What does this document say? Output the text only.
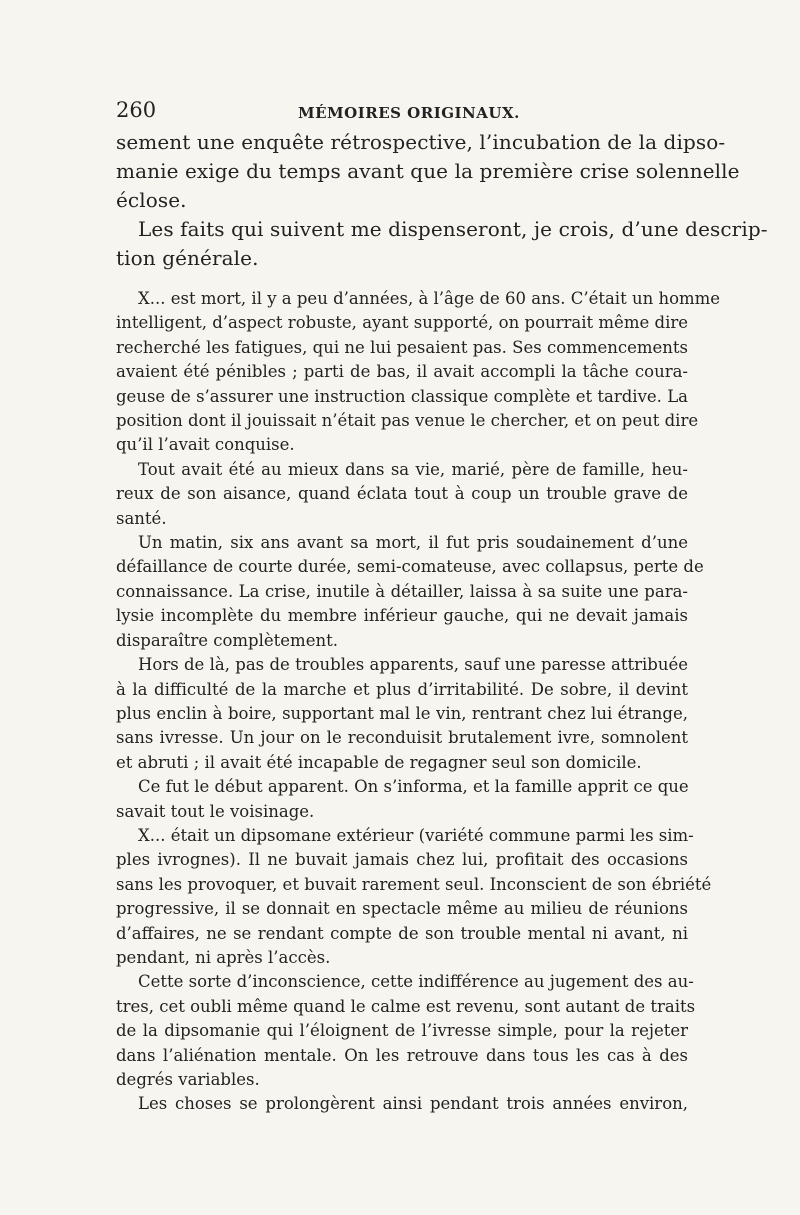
260	MÉMOIRES ORIGINAUX.
sement une enquête rétrospective, l’incubation de la dipso-
manie exige du temps avant que la première crise solennelle
éclose.
Les faits qui suivent me dispenseront, je crois, d’une descrip-
tion générale.
X... est mort, il y a peu d’années, à l’âge de 60 ans. C’était un homme
intelligent, d’aspect robuste, ayant supporté, on pourrait même dire
recherché les fatigues, qui ne lui pesaient pas. Ses commencements
avaient été pénibles ; parti de bas, il avait accompli la tâche coura-
geuse de s’assurer une instruction classique complète et tardive. La
position dont il jouissait n’était pas venue le chercher, et on peut dire
qu’il l’avait conquise.
Tout avait été au mieux dans sa vie, marié, père de famille, heu-
reux de son aisance, quand éclata tout à coup un trouble grave de
santé.
Un matin, six ans avant sa mort, il fut pris soudainement d’une
défaillance de courte durée, semi-comateuse, avec collapsus, perte de
connaissance. La crise, inutile à détailler, laissa à sa suite une para-
lysie incomplète du membre inférieur gauche, qui ne devait jamais
disparaître complètement.
Hors de là, pas de troubles apparents, sauf une paresse attribuée
à la difficulté de la marche et plus d’irritabilité. De sobre, il devint
plus enclin à boire, supportant mal le vin, rentrant chez lui étrange,
sans ivresse. Un jour on le reconduisit brutalement ivre, somnolent
et abruti ; il avait été incapable de regagner seul son domicile.
Ce fut le début apparent. On s’informa, et la famille apprit ce que
savait tout le voisinage.
X... était un dipsomane extérieur (variété commune parmi les sim-
ples ivrognes). Il ne buvait jamais chez lui, profitait des occasions
sans les provoquer, et buvait rarement seul. Inconscient de son ébriété
progressive, il se donnait en spectacle même au milieu de réunions
d’affaires, ne se rendant compte de son trouble mental ni avant, ni
pendant, ni après l’accès.
Cette sorte d’inconscience, cette indifférence au jugement des au-
tres, cet oubli même quand le calme est revenu, sont autant de traits
de la dipsomanie qui l’éloignent de l’ivresse simple, pour la rejeter
dans l’aliénation mentale. On les retrouve dans tous les cas à des
degrés variables.
Les choses se prolongèrent ainsi pendant trois années environ,
